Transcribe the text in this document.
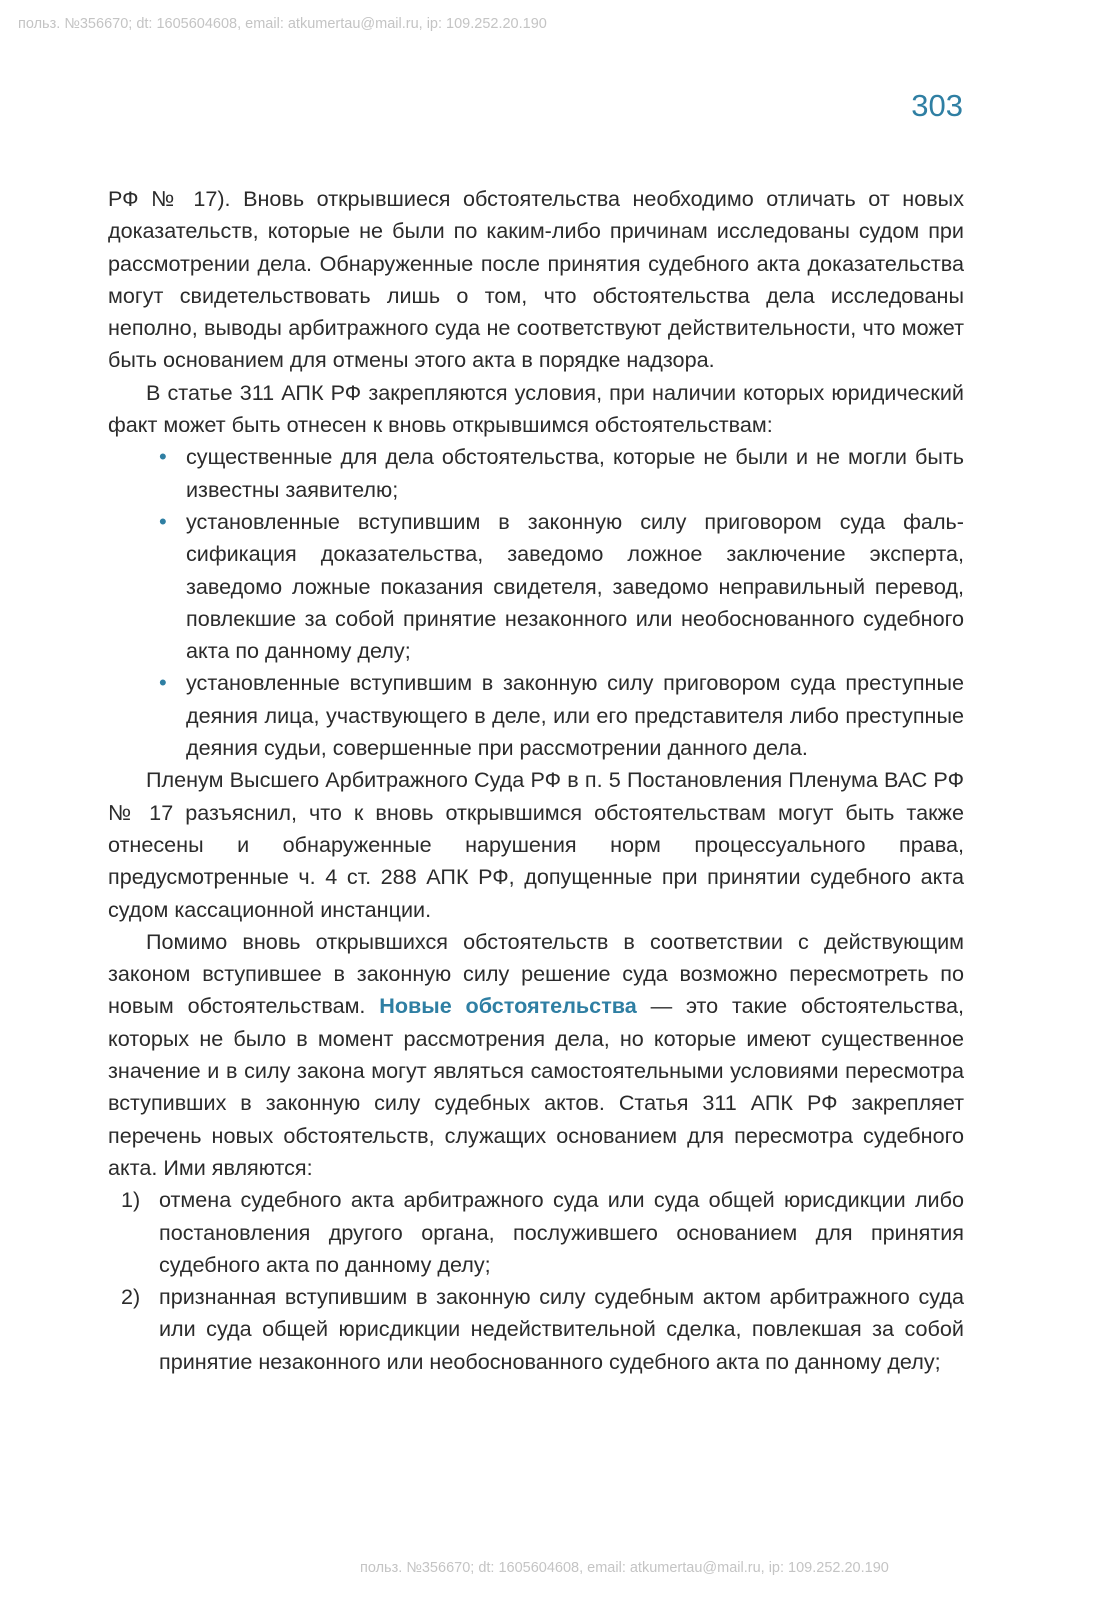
польз. №356670; dt: 1605604608, email: atkumertau@mail.ru, ip: 109.252.20.190
303

РФ № 17). Вновь открывшиеся обстоятельства необходимо отличать от новых доказательств, которые не были по каким-либо причинам исследованы судом при рассмотрении дела. Обнаруженные после принятия судебного акта доказательства могут свидетельствовать лишь о том, что обстоятельства дела исследованы неполно, выводы арбитражного суда не соответствуют действительности, что может быть основанием для отмены этого акта в порядке надзора.

В статье 311 АПК РФ закрепляются условия, при наличии которых юридический факт может быть отнесен к вновь открывшимся обстоятельствам:

• существенные для дела обстоятельства, которые не были и не могли быть известны заявителю;
• установленные вступившим в законную силу приговором суда фальсификация доказательства, заведомо ложное заключение эксперта, заведомо ложные показания свидетеля, заведомо неправильный перевод, повлекшие за собой принятие незаконного или необоснованного судебного акта по данному делу;
• установленные вступившим в законную силу приговором суда преступные деяния лица, участвующего в деле, или его представителя либо преступные деяния судьи, совершенные при рассмотрении данного дела.

Пленум Высшего Арбитражного Суда РФ в п. 5 Постановления Пленума ВАС РФ № 17 разъяснил, что к вновь открывшимся обстоятельствам могут быть также отнесены и обнаруженные нарушения норм процессуального права, предусмотренные ч. 4 ст. 288 АПК РФ, допущенные при принятии судебного акта судом кассационной инстанции.

Помимо вновь открывшихся обстоятельств в соответствии с действующим законом вступившее в законную силу решение суда возможно пересмотреть по новым обстоятельствам. Новые обстоятельства — это такие обстоятельства, которых не было в момент рассмотрения дела, но которые имеют существенное значение и в силу закона могут являться самостоятельными условиями пересмотра вступивших в законную силу судебных актов. Статья 311 АПК РФ закрепляет перечень новых обстоятельств, служащих основанием для пересмотра судебного акта. Ими являются:

1) отмена судебного акта арбитражного суда или суда общей юрисдикции либо постановления другого органа, послужившего основанием для принятия судебного акта по данному делу;
2) признанная вступившим в законную силу судебным актом арбитражного суда или суда общей юрисдикции недействительной сделка, повлекшая за собой принятие незаконного или необоснованного судебного акта по данному делу;
польз. №356670; dt: 1605604608, email: atkumertau@mail.ru, ip: 109.252.20.190
